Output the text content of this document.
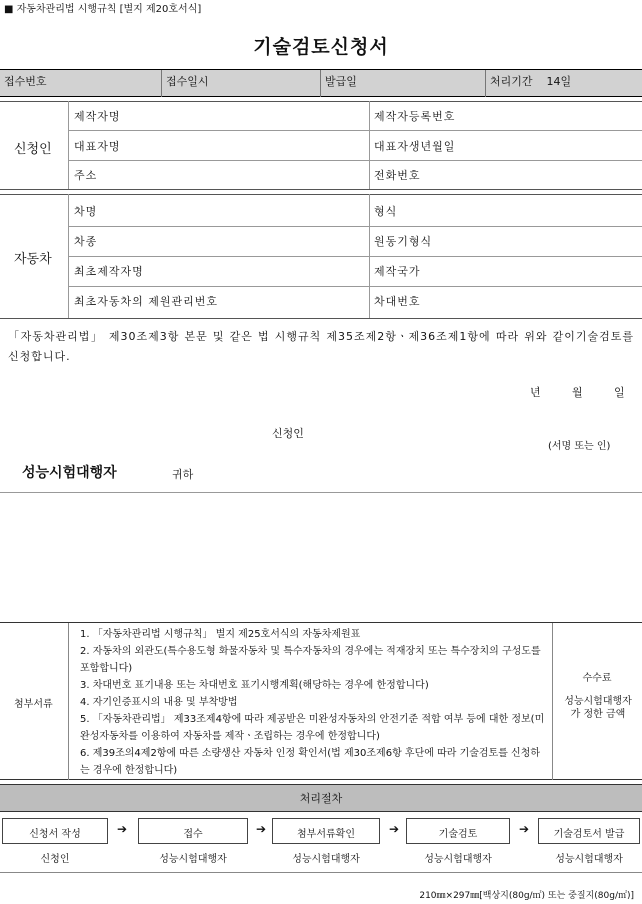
■ 자동차관리법 시행규칙 [별지 제20호서식]
기술검토신청서
접수번호	접수일시	발급일	처리기간 14일
신청인
제작자명	제작자등록번호
대표자명	대표자생년월일
주소	전화번호
자동차
차명	형식
차종	원동기형식
최초제작자명	제작국가
최초자동차의 제원관리번호	차대번호
「자동차관리법」 제30조제3항 본문 및 같은 법 시행규칙 제35조제2항ㆍ제36조제1항에 따라 위와 같이기술검토를 신청합니다.
년	월	일
신청인
(서명 또는 인)
성능시험대행자	귀하
첨부서류
1. 「자동차관리법 시행규칙」 별지 제25호서식의 자동차제원표
2. 자동차의 외관도(특수용도형 화물자동차 및 특수자동차의 경우에는 적재장치 또는 특수장치의 구성도를 포함합니다)
3. 차대번호 표기내용 또는 차대번호 표기시행계획(해당하는 경우에 한정합니다)
4. 자기인증표시의 내용 및 부착방법
5. 「자동차관리법」 제33조제4항에 따라 제공받은 미완성자동차의 안전기준 적합 여부 등에 대한 정보(미완성자동차를 이용하여 자동차를 제작ㆍ조립하는 경우에 한정합니다)
6. 제39조의4제2항에 따른 소량생산 자동차 인정 확인서(법 제30조제6항 후단에 따라 기술검토를 신청하는 경우에 한정합니다)
수수료
성능시험대행자가 정한 금액
처리절차
신청서 작성	➔	접수	➔	첨부서류확인	➔	기술검토	➔	기술검토서 발급
신청인	성능시험대행자	성능시험대행자	성능시험대행자	성능시험대행자
210㎜×297㎜[백상지(80g/㎡) 또는 중질지(80g/㎡)]
